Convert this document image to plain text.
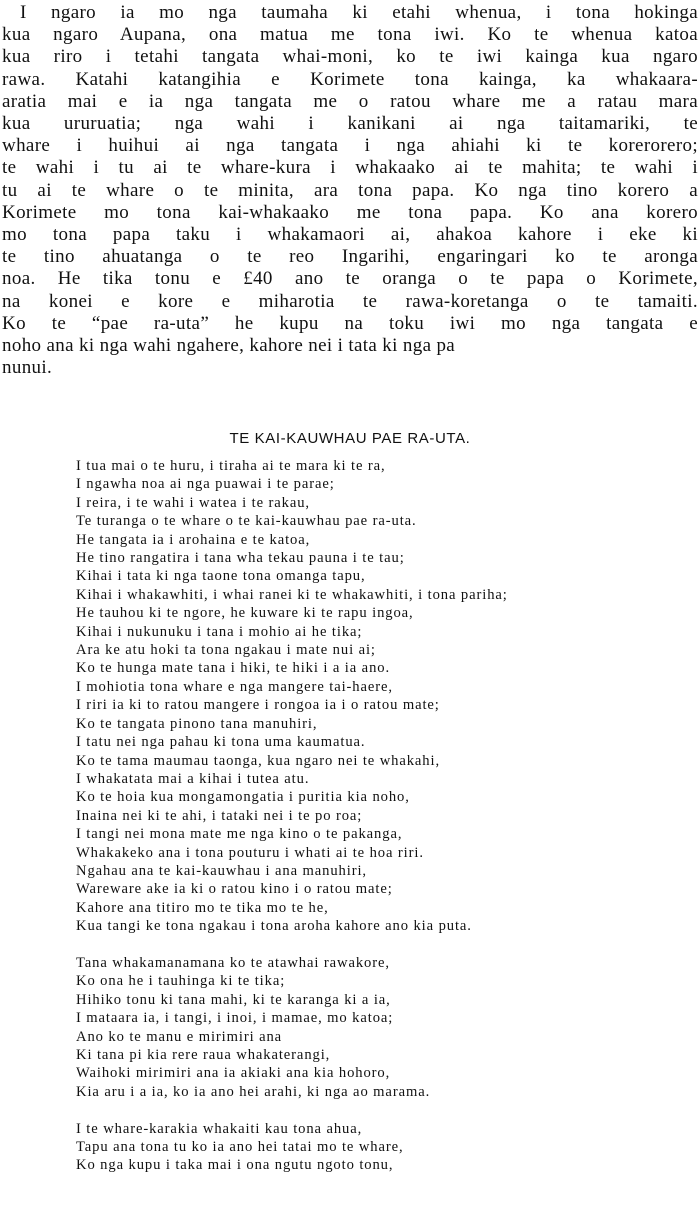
I ngaro ia mo nga taumaha ki etahi whenua, i tona hokinga
kua ngaro Aupana, ona matua me tona iwi. Ko te whenua katoa
kua riro i tetahi tangata whai-moni, ko te iwi kainga kua ngaro
rawa. Katahi katangihia e Korimete tona kainga, ka whakaara-
aratia mai e ia nga tangata me o ratou whare me a ratau mara
kua ururuatia; nga wahi i kanikani ai nga taitamariki, te
whare i huihui ai nga tangata i nga ahiahi ki te korerorero;
te wahi i tu ai te whare-kura i whakaako ai te mahita; te wahi i
tu ai te whare o te minita, ara tona papa. Ko nga tino korero a
Korimete mo tona kai-whakaako me tona papa. Ko ana korero
mo tona papa taku i whakamaori ai, ahakoa kahore i eke ki
te tino ahuatanga o te reo Ingarihi, engaringari ko te aronga
noa. He tika tonu e £40 ano te oranga o te papa o Korimete,
na konei e kore e miharotia te rawa-koretanga o te tamaiti.
Ko te “pae ra-uta” he kupu na toku iwi mo nga tangata e
noho ana ki nga wahi ngahere, kahore nei i tata ki nga pa
nunui.
TE KAI-KAUWHAU PAE RA-UTA.
I tua mai o te huru, i tiraha ai te mara ki te ra,
I ngawha noa ai nga puawai i te parae;
I reira, i te wahi i watea i te rakau,
Te turanga o te whare o te kai-kauwhau pae ra-uta.
He tangata ia i arohaina e te katoa,
He tino rangatira i tana wha tekau pauna i te tau;
Kihai i tata ki nga taone tona omanga tapu,
Kihai i whakawhiti, i whai ranei ki te whakawhiti, i tona pariha;
He tauhou ki te ngore, he kuware ki te rapu ingoa,
Kihai i nukunuku i tana i mohio ai he tika;
Ara ke atu hoki ta tona ngakau i mate nui ai;
Ko te hunga mate tana i hiki, te hiki i a ia ano.
I mohiotia tona whare e nga mangere tai-haere,
I riri ia ki to ratou mangere i rongoa ia i o ratou mate;
Ko te tangata pinono tana manuhiri,
I tatu nei nga pahau ki tona uma kaumatua.
Ko te tama maumau taonga, kua ngaro nei te whakahi,
I whakatata mai a kihai i tutea atu.
Ko te hoia kua mongamongatia i puritia kia noho,
Inaina nei ki te ahi, i tataki nei i te po roa;
I tangi nei mona mate me nga kino o te pakanga,
Whakakeko ana i tona pouturu i whati ai te hoa riri.
Ngahau ana te kai-kauwhau i ana manuhiri,
Wareware ake ia ki o ratou kino i o ratou mate;
Kahore ana titiro mo te tika mo te he,
Kua tangi ke tona ngakau i tona aroha kahore ano kia puta.
Tana whakamanamana ko te atawhai rawakore,
Ko ona he i tauhinga ki te tika;
Hihiko tonu ki tana mahi, ki te karanga ki a ia,
I mataara ia, i tangi, i inoi, i mamae, mo katoa;
Ano ko te manu e mirimiri ana
Ki tana pi kia rere raua whakaterangi,
Waihoki mirimiri ana ia akiaki ana kia hohoro,
Kia aru i a ia, ko ia ano hei arahi, ki nga ao marama.
I te whare-karakia whakaiti kau tona ahua,
Tapu ana tona tu ko ia ano hei tatai mo te whare,
Ko nga kupu i taka mai i ona ngutu ngoto tonu,
